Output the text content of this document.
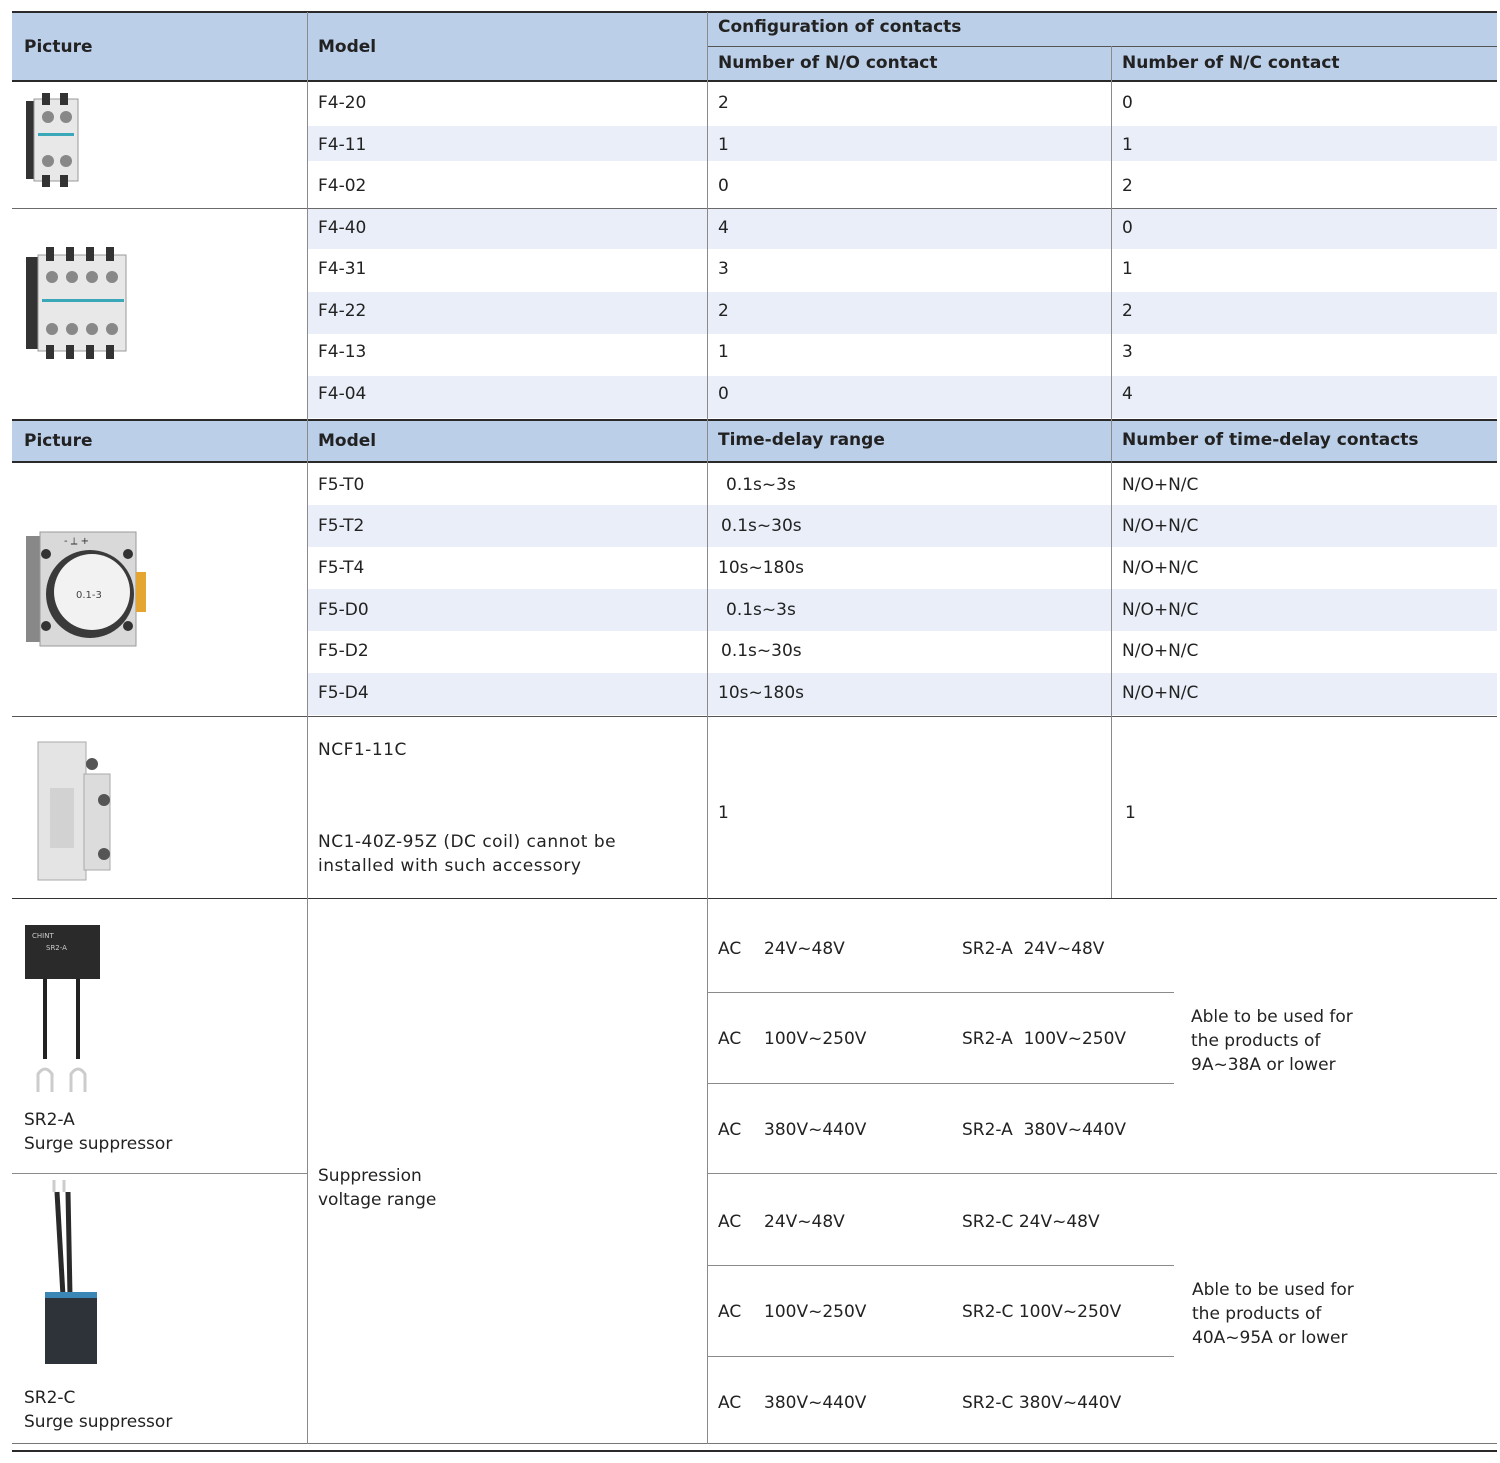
Picture	Model
Configuration of contacts
Number of N/O contact	Number of N/C contact
F4-20	2	0
F4-11	1	1
F4-02	0	2
F4-40	4	0
F4-31	3	1
F4-22	2	2
F4-13	1	3
F4-04	0	4
Picture	Model	Time-delay range	Number of time-delay contacts
0.1-3
- ⟂ +
F5-T0	0.1s~3s	N/O+N/C
F5-T2	0.1s~30s	N/O+N/C
F5-T4	10s~180s	N/O+N/C
F5-D0	0.1s~3s	N/O+N/C
F5-D2	0.1s~30s	N/O+N/C
F5-D4	10s~180s	N/O+N/C
NCF1-11C
NC1-40Z-95Z (DC coil) cannot be installed with such accessory
1	1
CHINT
SR2-A
SR2-A
Surge suppressor
SR2-C
Surge suppressor
Suppression voltage range
AC 24V~48V	SR2-A  24V~48V
AC 100V~250V	SR2-A  100V~250V
AC 380V~440V	SR2-A  380V~440V
Able to be used for the products of 9A~38A or lower
AC 24V~48V	SR2-C 24V~48V
AC 100V~250V	SR2-C 100V~250V
AC 380V~440V	SR2-C 380V~440V
Able to be used for the products of 40A~95A or lower
